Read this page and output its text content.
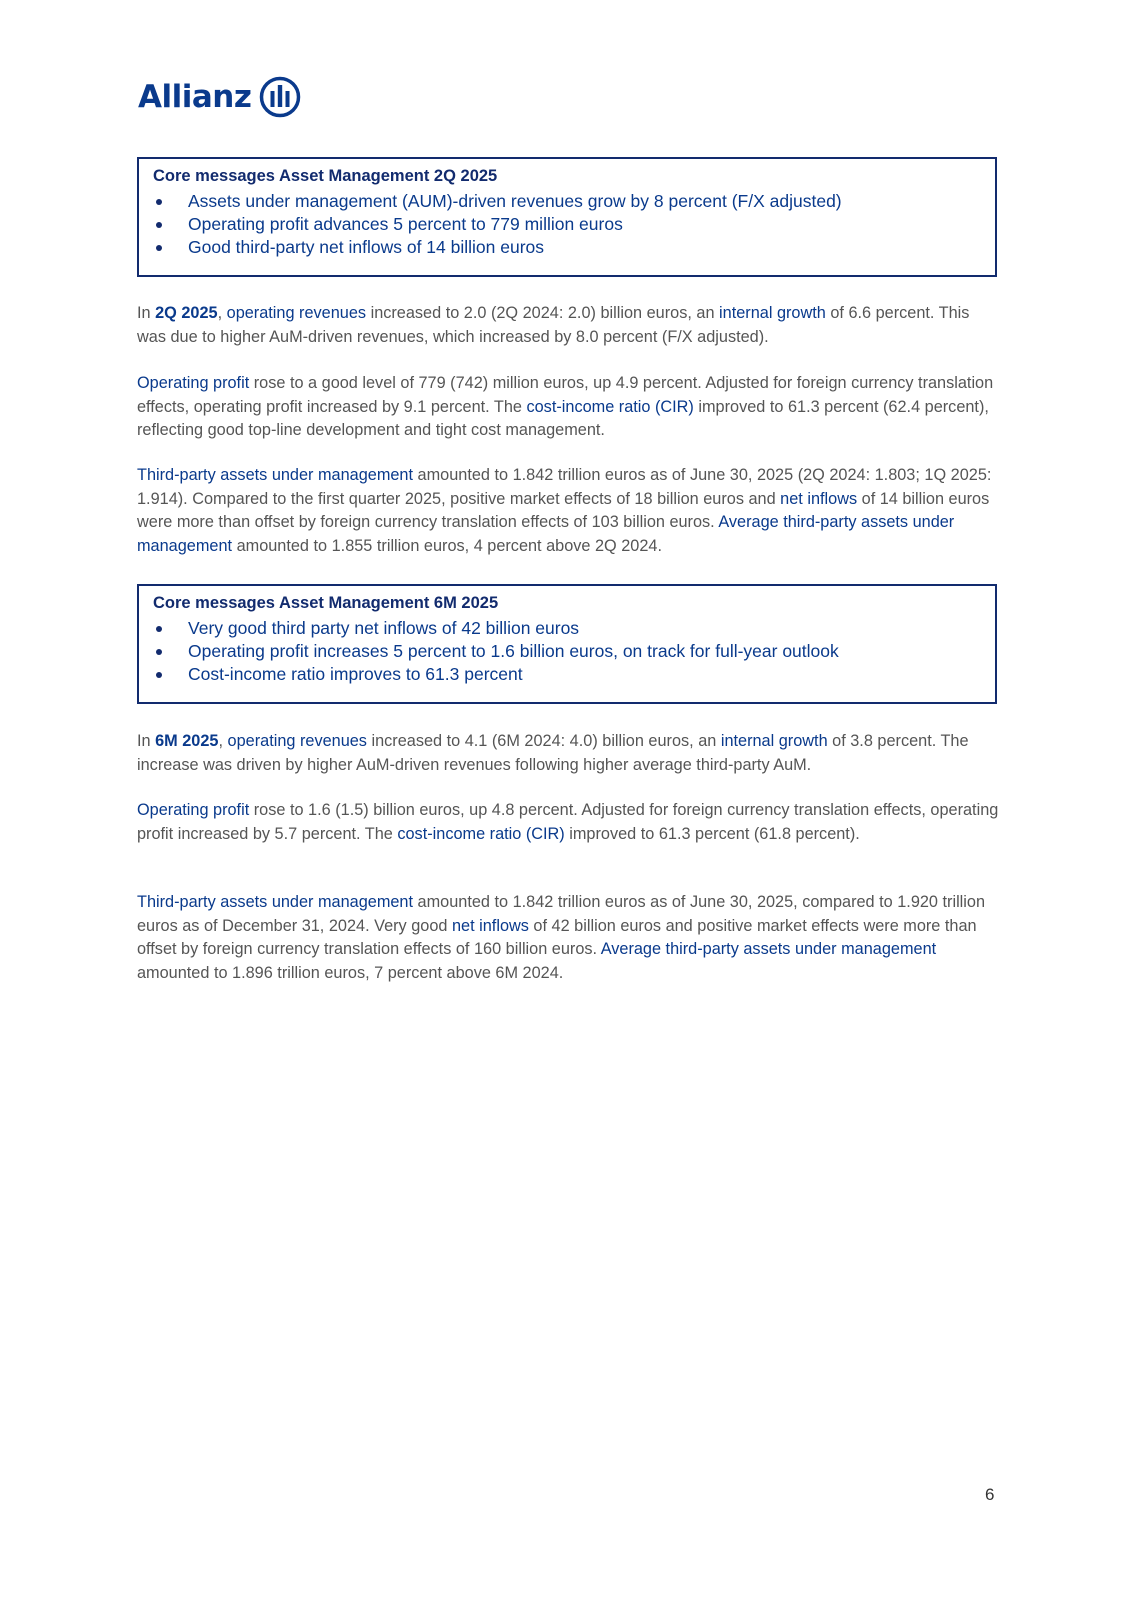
Allianz
Core messages Asset Management 2Q 2025
Assets under management (AUM)-driven revenues grow by 8 percent (F/X adjusted)
Operating profit advances 5 percent to 779 million euros
Good third-party net inflows of 14 billion euros

In 2Q 2025, operating revenues increased to 2.0 (2Q 2024: 2.0) billion euros, an internal growth of 6.6 percent. This was due to higher AuM-driven revenues, which increased by 8.0 percent (F/X adjusted).

Operating profit rose to a good level of 779 (742) million euros, up 4.9 percent. Adjusted for foreign currency translation effects, operating profit increased by 9.1 percent. The cost-income ratio (CIR) improved to 61.3 percent (62.4 percent), reflecting good top-line development and tight cost management.

Third-party assets under management amounted to 1.842 trillion euros as of June 30, 2025 (2Q 2024: 1.803; 1Q 2025: 1.914). Compared to the first quarter 2025, positive market effects of 18 billion euros and net inflows of 14 billion euros were more than offset by foreign currency translation effects of 103 billion euros. Average third-party assets under management amounted to 1.855 trillion euros, 4 percent above 2Q 2024.

Core messages Asset Management 6M 2025
Very good third party net inflows of 42 billion euros
Operating profit increases 5 percent to 1.6 billion euros, on track for full-year outlook
Cost-income ratio improves to 61.3 percent

In 6M 2025, operating revenues increased to 4.1 (6M 2024: 4.0) billion euros, an internal growth of 3.8 percent. The increase was driven by higher AuM-driven revenues following higher average third-party AuM.

Operating profit rose to 1.6 (1.5) billion euros, up 4.8 percent. Adjusted for foreign currency translation effects, operating profit increased by 5.7 percent. The cost-income ratio (CIR) improved to 61.3 percent (61.8 percent).

Third-party assets under management amounted to 1.842 trillion euros as of June 30, 2025, compared to 1.920 trillion euros as of December 31, 2024. Very good net inflows of 42 billion euros and positive market effects were more than offset by foreign currency translation effects of 160 billion euros. Average third-party assets under management amounted to 1.896 trillion euros, 7 percent above 6M 2024.

6
